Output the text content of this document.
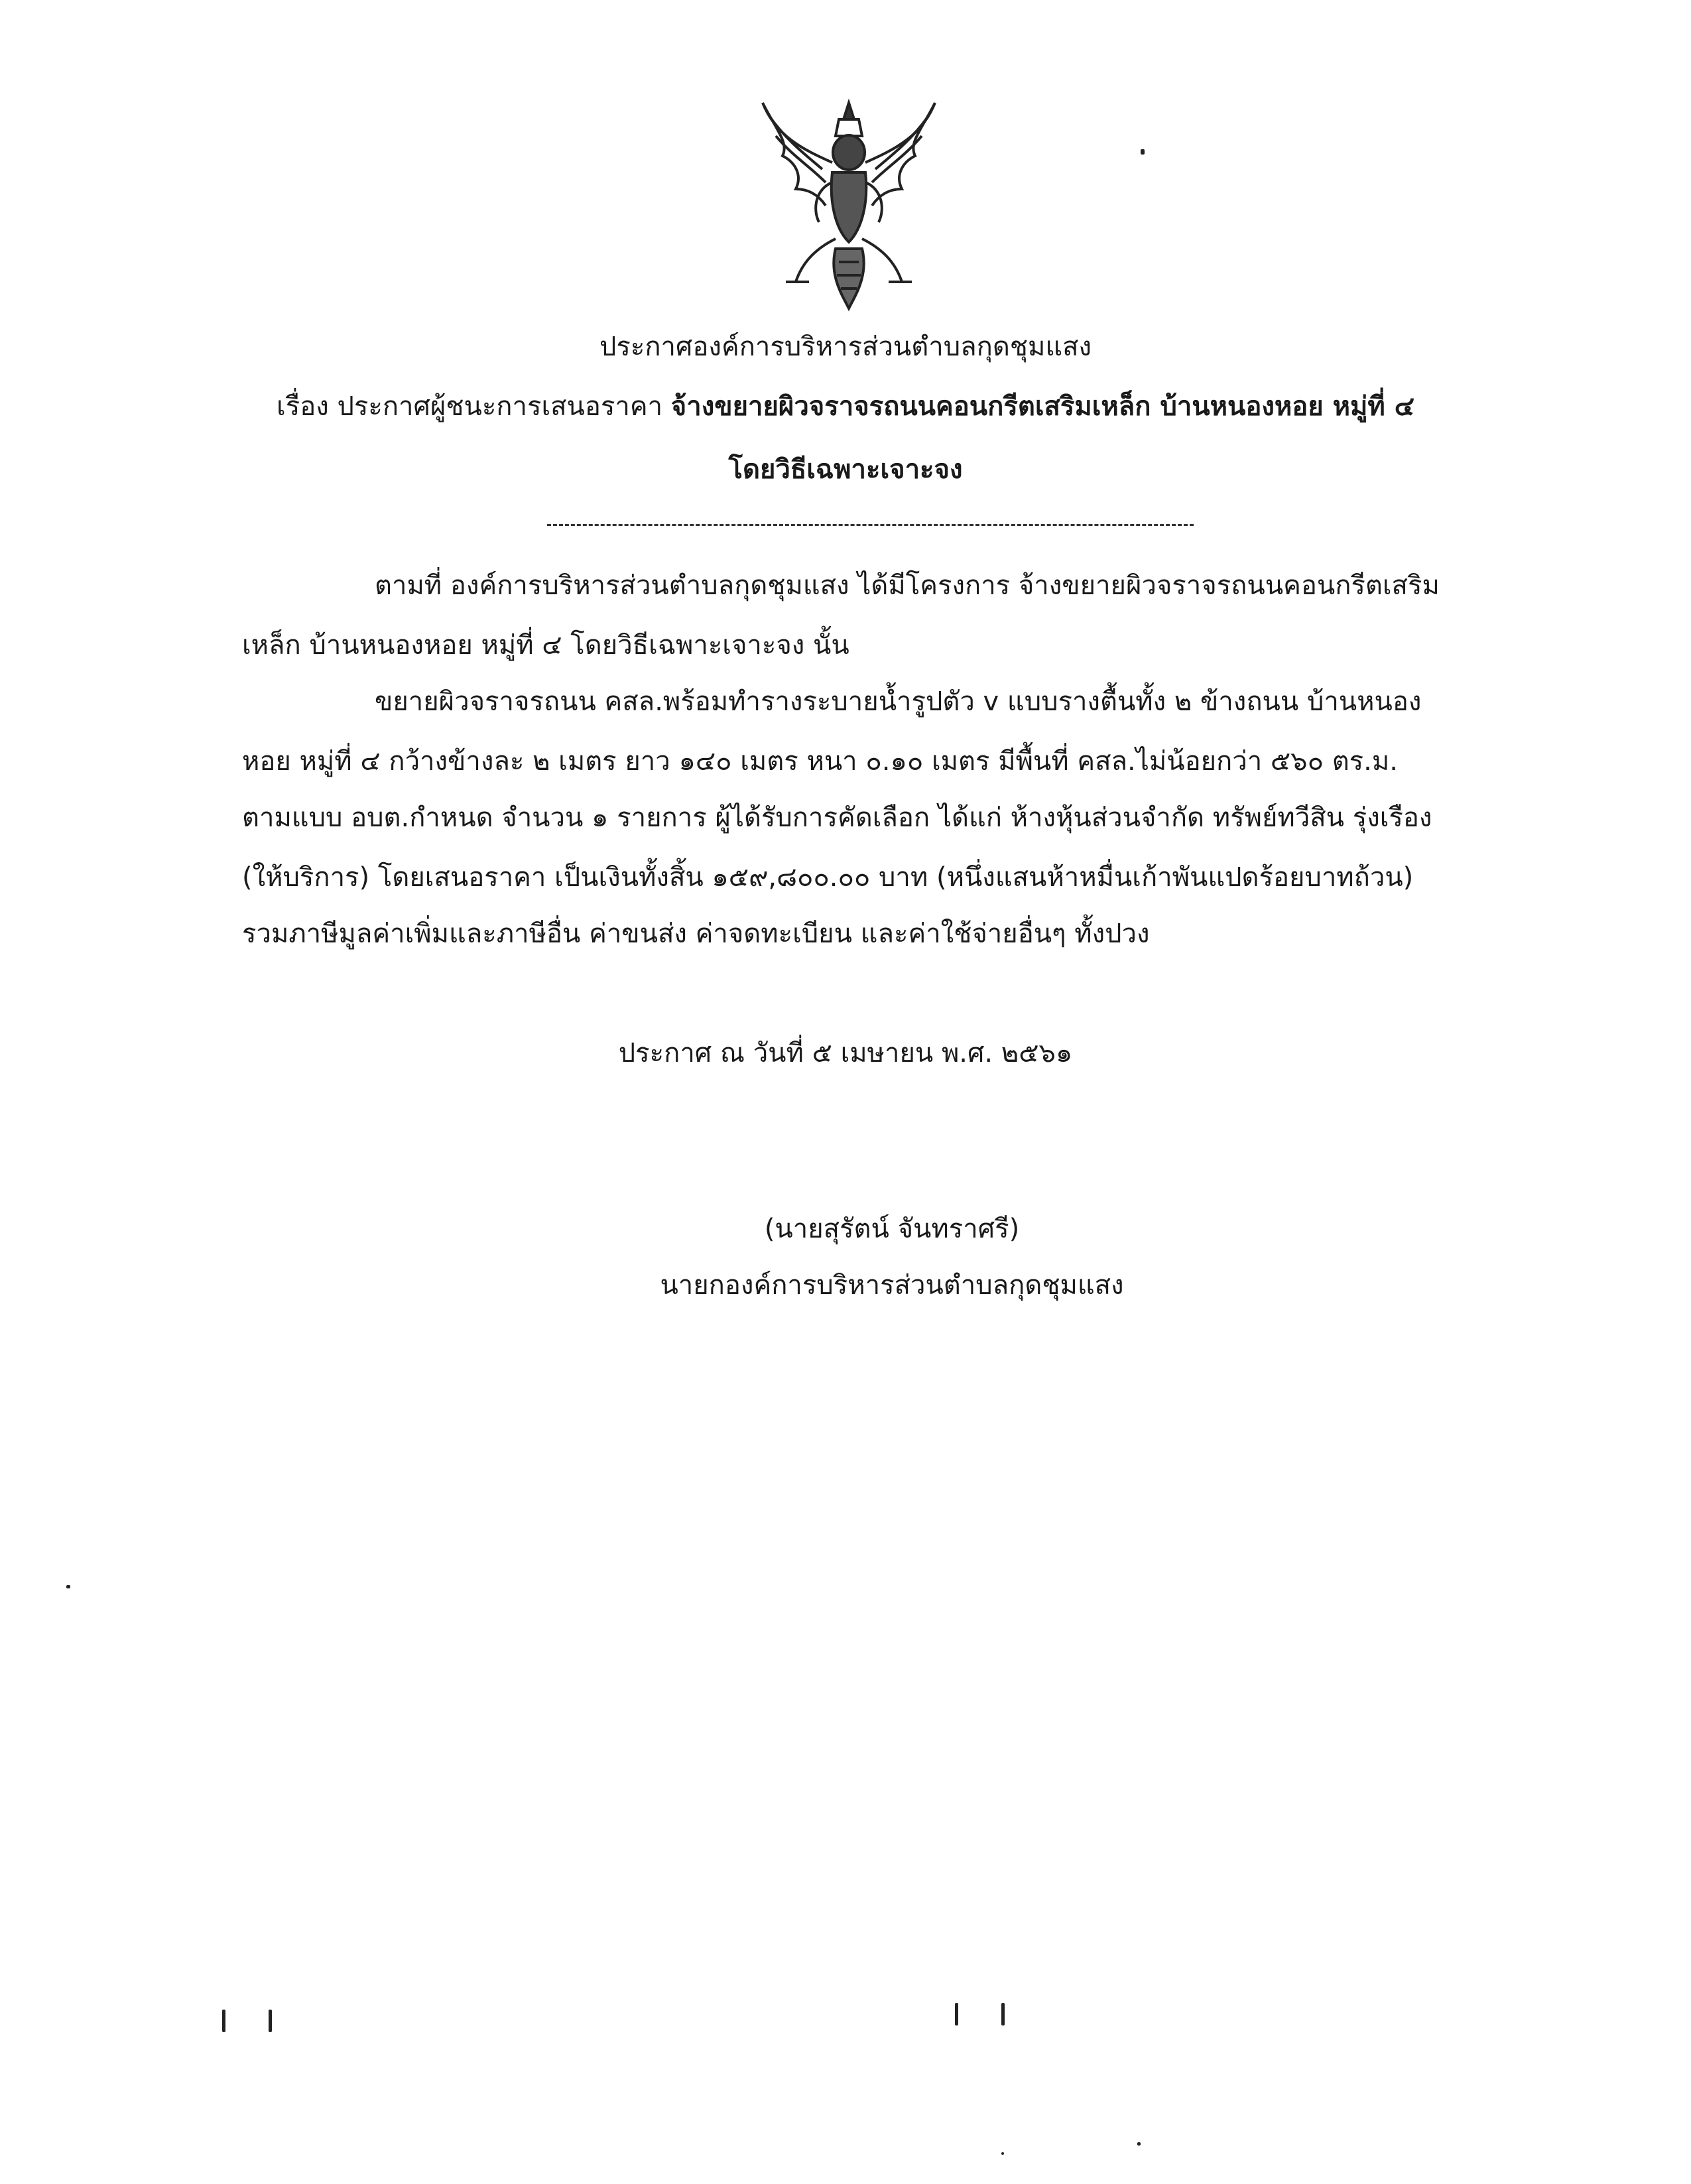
ประกาศองค์การบริหารส่วนตำบลกุดชุมแสง
เรื่อง ประกาศผู้ชนะการเสนอราคา จ้างขยายผิวจราจรถนนคอนกรีตเสริมเหล็ก บ้านหนองหอย หมู่ที่ ๔
โดยวิธีเฉพาะเจาะจง
ตามที่ องค์การบริหารส่วนตำบลกุดชุมแสง ได้มีโครงการ จ้างขยายผิวจราจรถนนคอนกรีตเสริม
เหล็ก บ้านหนองหอย หมู่ที่ ๔ โดยวิธีเฉพาะเจาะจง นั้น
ขยายผิวจราจรถนน คสล.พร้อมทำรางระบายน้ำรูปตัว v แบบรางตื้นทั้ง ๒ ข้างถนน บ้านหนอง
หอย หมู่ที่ ๔ กว้างข้างละ ๒ เมตร ยาว ๑๔๐ เมตร หนา ๐.๑๐ เมตร มีพื้นที่ คสล.ไม่น้อยกว่า ๕๖๐ ตร.ม.
ตามแบบ อบต.กำหนด จำนวน ๑ รายการ ผู้ได้รับการคัดเลือก ได้แก่ ห้างหุ้นส่วนจำกัด ทรัพย์ทวีสิน รุ่งเรือง
(ให้บริการ) โดยเสนอราคา เป็นเงินทั้งสิ้น ๑๕๙,๘๐๐.๐๐ บาท (หนึ่งแสนห้าหมื่นเก้าพันแปดร้อยบาทถ้วน)
รวมภาษีมูลค่าเพิ่มและภาษีอื่น ค่าขนส่ง ค่าจดทะเบียน และค่าใช้จ่ายอื่นๆ ทั้งปวง
ประกาศ ณ วันที่ ๕ เมษายน พ.ศ. ๒๕๖๑
(นายสุรัตน์ จันทราศรี)
นายกองค์การบริหารส่วนตำบลกุดชุมแสง
